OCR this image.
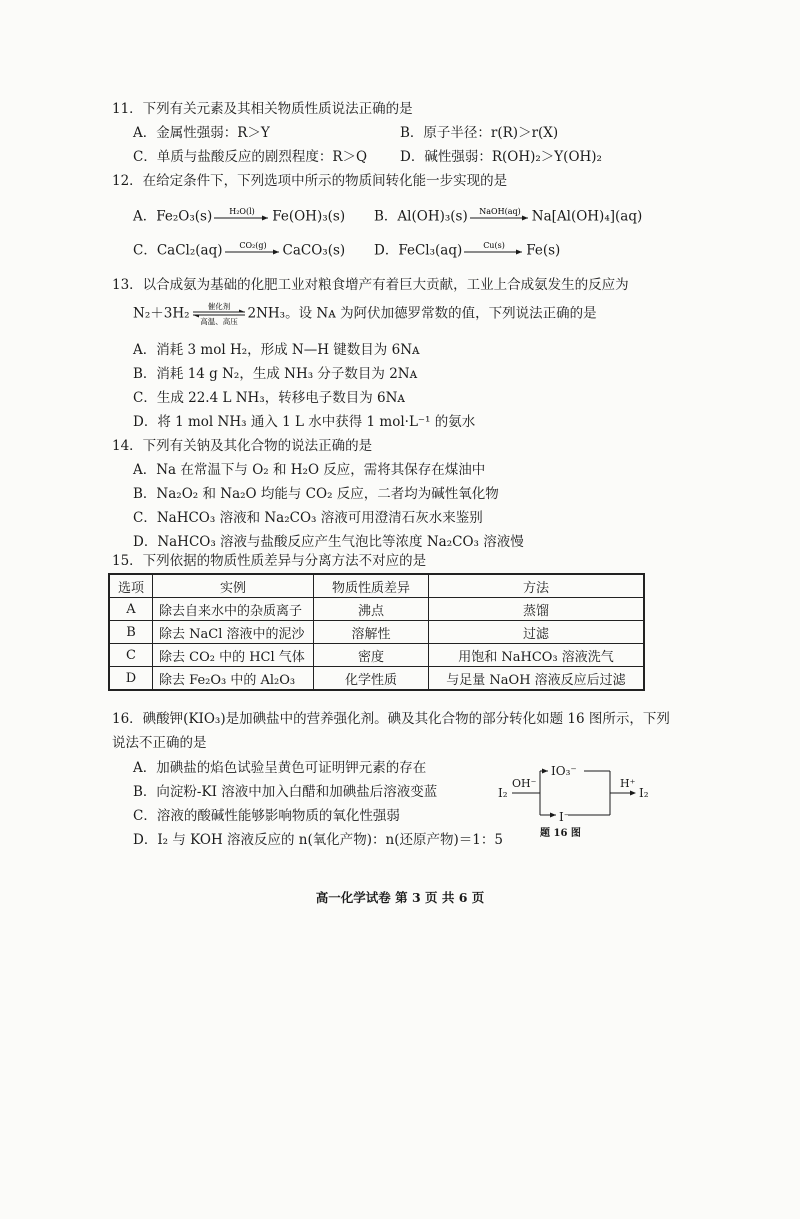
11．下列有关元素及其相关物质性质说法正确的是
A．金属性强弱：R＞Y	B．原子半径：r(R)＞r(X)
C．单质与盐酸反应的剧烈程度：R＞Q D．碱性强弱：R(OH)₂＞Y(OH)₂
12．在给定条件下，下列选项中所示的物质间转化能一步实现的是
A．Fe₂O₃(s) H₂O(l) Fe(OH)₃(s) B．Al(OH)₃(s) NaOH(aq) Na[Al(OH)₄](aq)
C．CaCl₂(aq) CO₂(g) CaCO₃(s) D．FeCl₃(aq)	Cu(s) Fe(s)
13．以合成氨为基础的化肥工业对粮食增产有着巨大贡献，工业上合成氨发生的反应为
N₂＋3H₂ 催化剂
高温、高压 2NH₃。设 Nᴀ 为阿伏加德罗常数的值，下列说法正确的是
A．消耗 3 mol H₂，形成 N—H 键数目为 6Nᴀ
B．消耗 14 g N₂，生成 NH₃ 分子数目为 2Nᴀ
C．生成 22.4 L NH₃，转移电子数目为 6Nᴀ
D．将 1 mol NH₃ 通入 1 L 水中获得 1 mol·L⁻¹ 的氨水
14．下列有关钠及其化合物的说法正确的是
A．Na 在常温下与 O₂ 和 H₂O 反应，需将其保存在煤油中
B．Na₂O₂ 和 Na₂O 均能与 CO₂ 反应，二者均为碱性氧化物
C．NaHCO₃ 溶液和 Na₂CO₃ 溶液可用澄清石灰水来鉴别
D．NaHCO₃ 溶液与盐酸反应产生气泡比等浓度 Na₂CO₃ 溶液慢
15．下列依据的物质性质差异与分离方法不对应的是
选项	实例	物质性质差异	方法
A	除去自来水中的杂质离子	沸点	蒸馏
B	除去 NaCl 溶液中的泥沙	溶解性	过滤
C	除去 CO₂ 中的 HCl 气体	密度	用饱和 NaHCO₃ 溶液洗气
D	除去 Fe₂O₃ 中的 Al₂O₃	化学性质	与足量 NaOH 溶液反应后过滤
16．碘酸钾(KIO₃)是加碘盐中的营养强化剂。碘及其化合物的部分转化如题 16 图所示，下列
说法不正确的是
A．加碘盐的焰色试验呈黄色可证明钾元素的存在
B．向淀粉-KI 溶液中加入白醋和加碘盐后溶液变蓝
C．溶液的酸碱性能够影响物质的氧化性强弱
D．I₂ 与 KOH 溶液反应的 n(氧化产物)：n(还原产物)＝1：5
I₂
OH⁻
IO₃⁻
I⁻
H⁺
I₂
题 16 图
高一化学试卷 第 3 页 共 6 页
